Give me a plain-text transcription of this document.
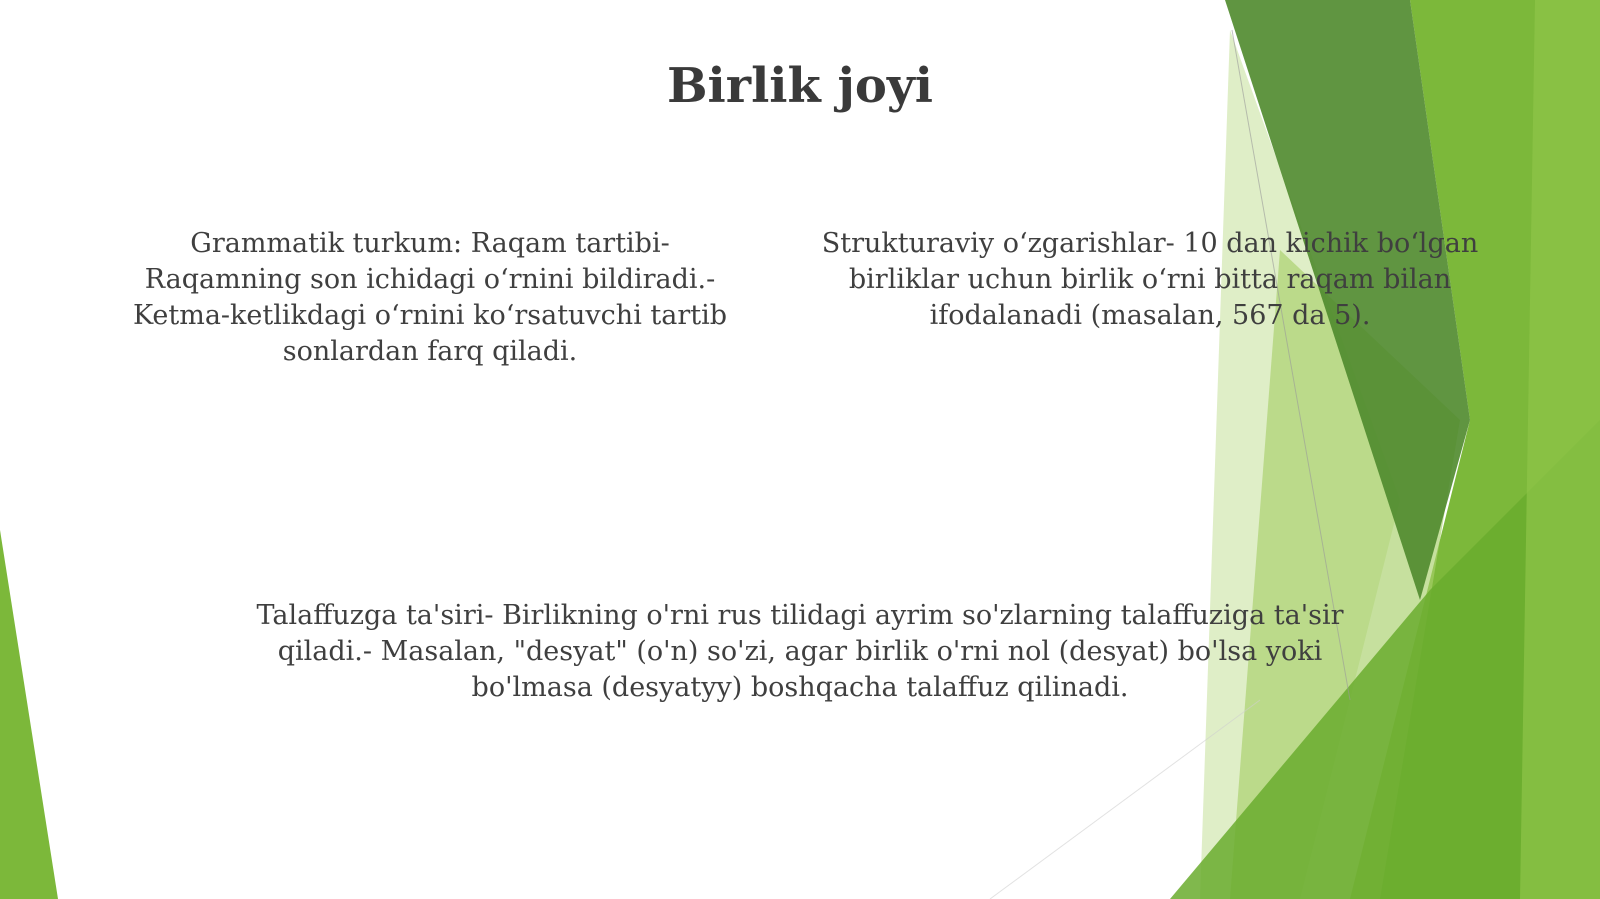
Birlik joyi

Grammatik turkum: Raqam tartibi- Raqamning son ichidagi o‘rnini bildiradi.- Ketma-ketlikdagi o‘rnini ko‘rsatuvchi tartib sonlardan farq qiladi.

Strukturaviy o‘zgarishlar- 10 dan kichik bo‘lgan birliklar uchun birlik o‘rni bitta raqam bilan ifodalanadi (masalan, 567 da 5).

Talaffuzga ta'siri- Birlikning o'rni rus tilidagi ayrim so'zlarning talaffuziga ta'sir qiladi.- Masalan, "desyat" (o'n) so'zi, agar birlik o'rni nol (desyat) bo'lsa yoki bo'lmasa (desyatyy) boshqacha talaffuz qilinadi.
